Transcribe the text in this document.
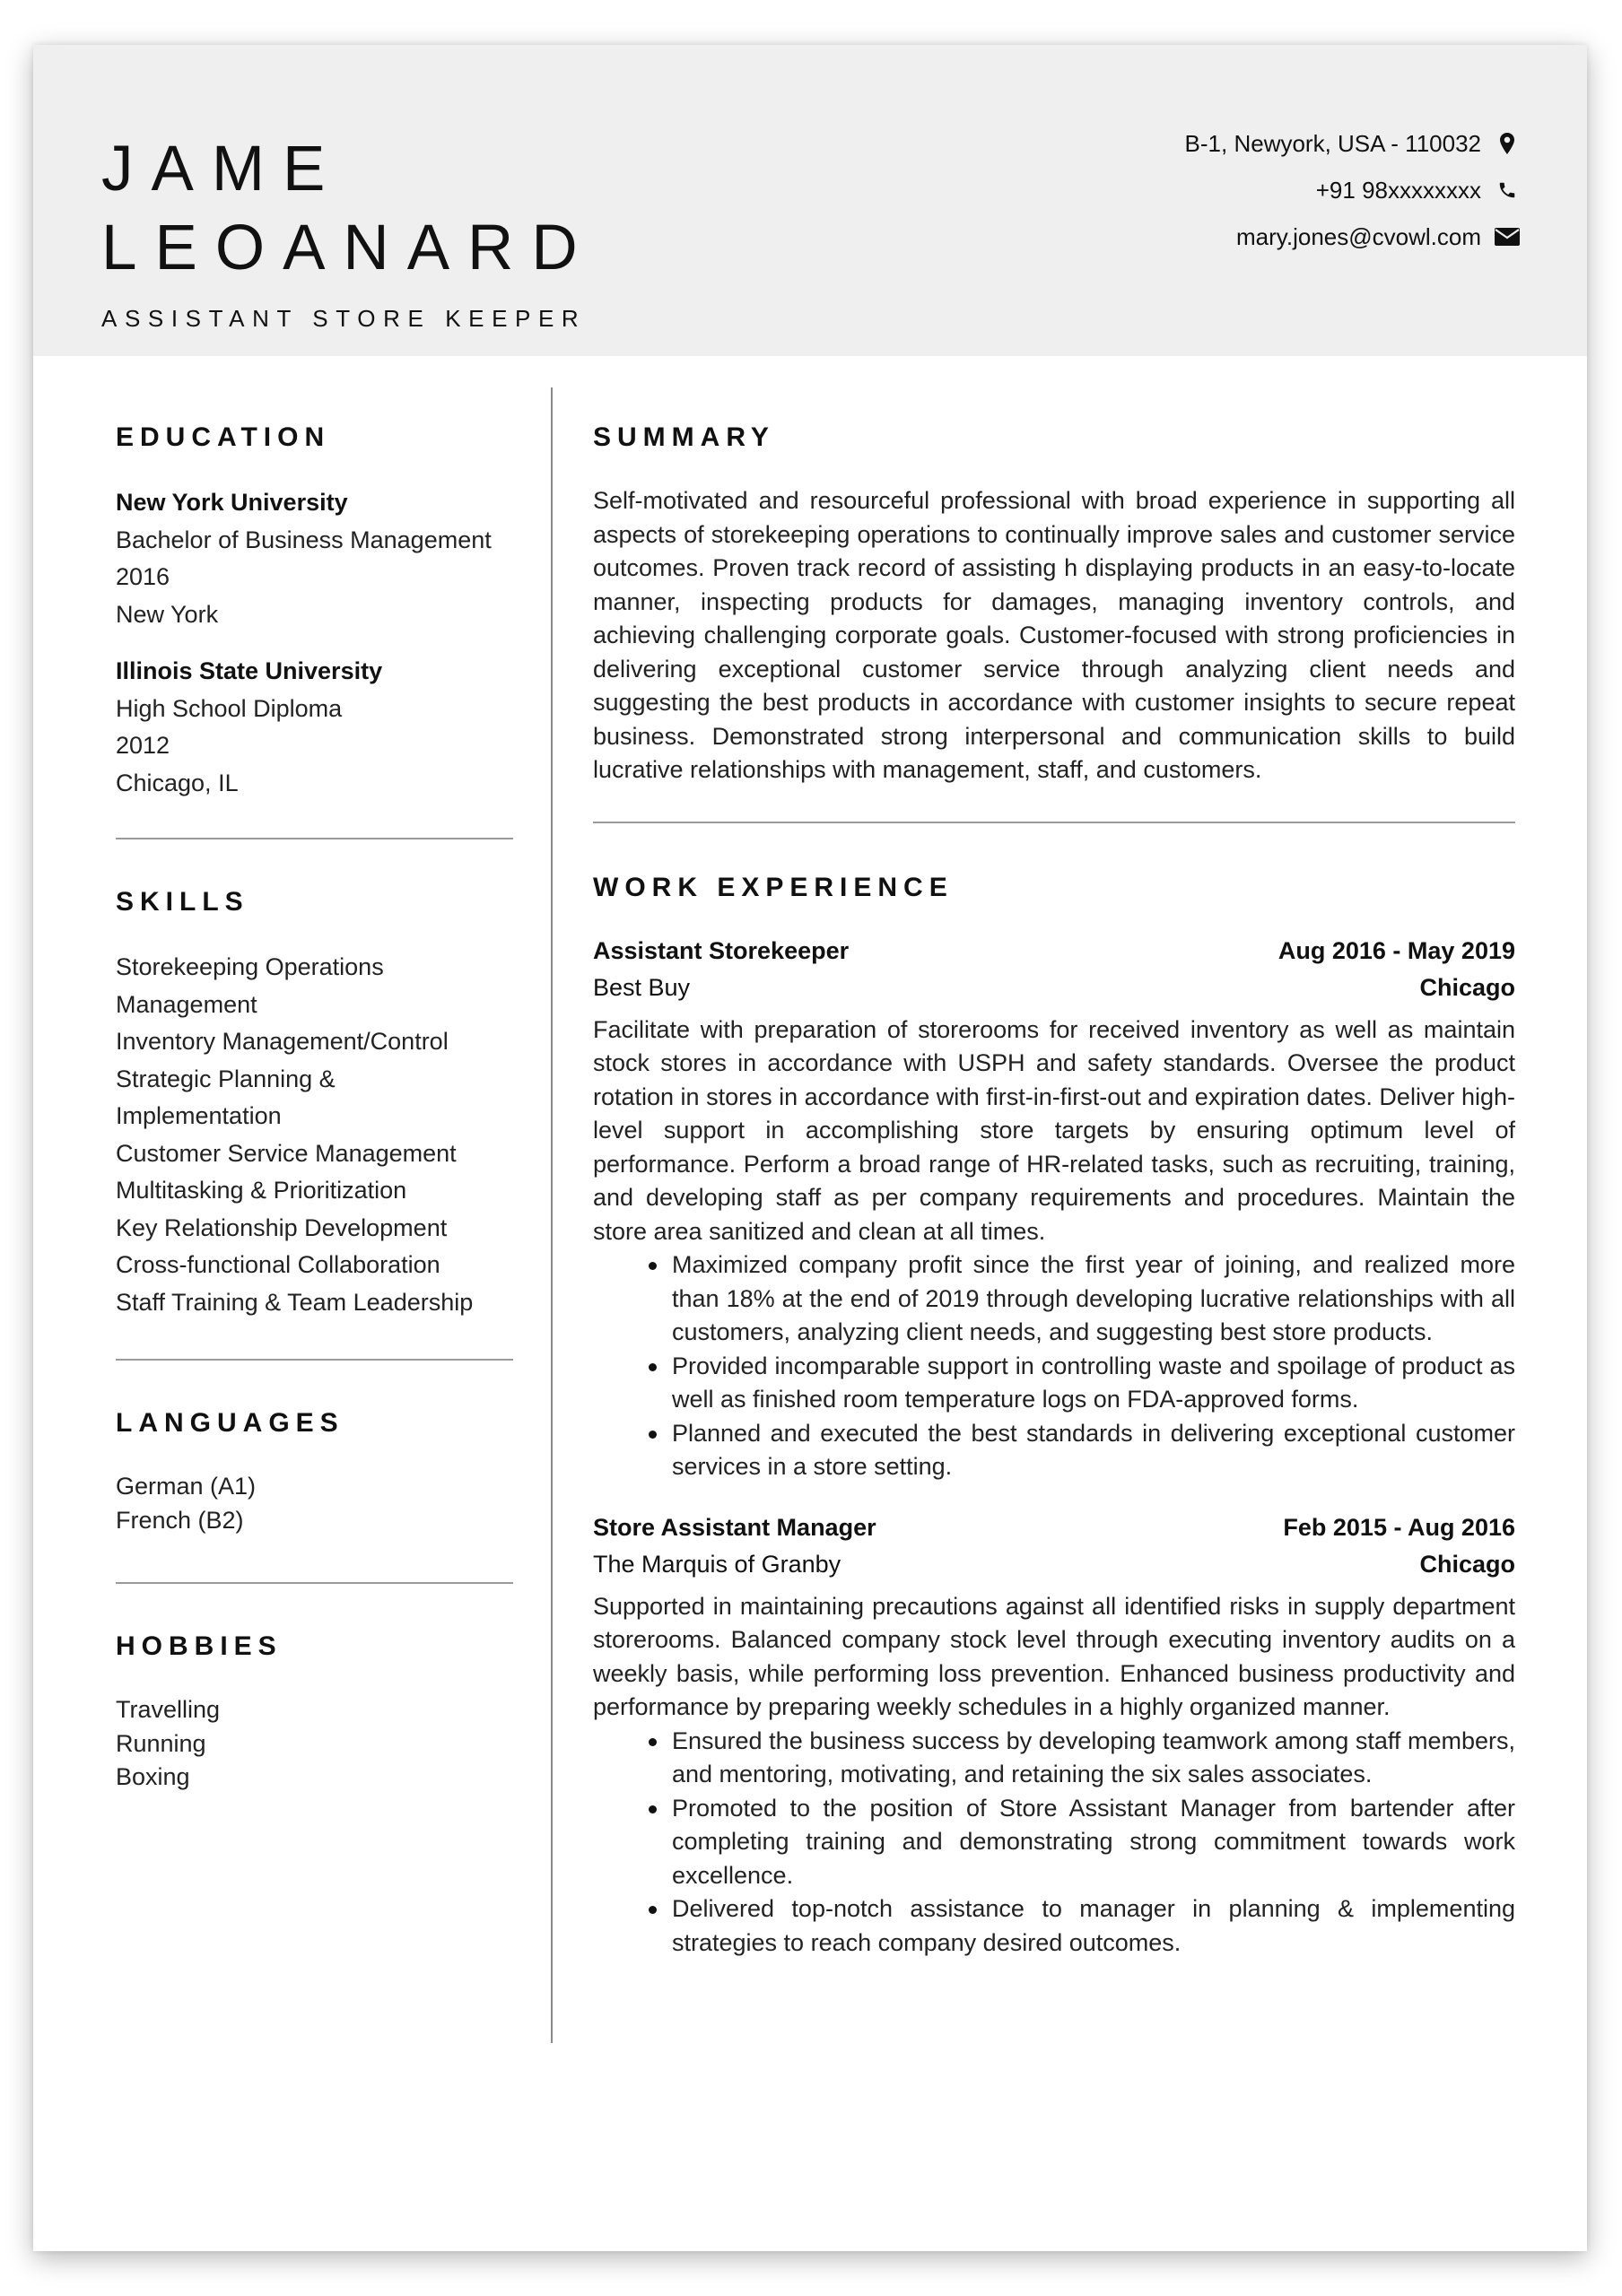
JAME
LEOANARD
ASSISTANT STORE KEEPER
B-1, Newyork, USA - 110032
+91 98xxxxxxxx
mary.jones@cvowl.com
EDUCATION
New York University
Bachelor of Business Management
2016
New York
Illinois State University
High School Diploma
2012
Chicago, IL
SKILLS
Storekeeping Operations Management
Inventory Management/Control
Strategic Planning & Implementation
Customer Service Management
Multitasking & Prioritization
Key Relationship Development
Cross-functional Collaboration
Staff Training & Team Leadership
LANGUAGES
German (A1)
French (B2)
HOBBIES
Travelling
Running
Boxing
SUMMARY

Self-motivated and resourceful professional with broad experience in supporting all aspects of storekeeping operations to continually improve sales and customer service outcomes. Proven track record of assisting h displaying products in an easy-to-locate manner, inspecting products for damages, managing inventory controls, and achieving challenging corporate goals. Customer-focused with strong proficiencies in delivering exceptional customer service through analyzing client needs and suggesting the best products in accordance with customer insights to secure repeat business. Demonstrated strong interpersonal and communication skills to build lucrative relationships with management, staff, and customers.

WORK EXPERIENCE
Assistant Storekeeper	Aug 2016 - May 2019
Best Buy	Chicago

Facilitate with preparation of storerooms for received inventory as well as maintain stock stores in accordance with USPH and safety standards. Oversee the product rotation in stores in accordance with first-in-first-out and expiration dates. Deliver high-level support in accomplishing store targets by ensuring optimum level of performance. Perform a broad range of HR-related tasks, such as recruiting, training, and developing staff as per company requirements and procedures. Maintain the store area sanitized and clean at all times.

Maximized company profit since the first year of joining, and realized more than 18% at the end of 2019 through developing lucrative relationships with all customers, analyzing client needs, and suggesting best store products.
Provided incomparable support in controlling waste and spoilage of product as well as finished room temperature logs on FDA-approved forms.
Planned and executed the best standards in delivering exceptional customer services in a store setting.
Store Assistant Manager	Feb 2015 - Aug 2016
The Marquis of Granby	Chicago

Supported in maintaining precautions against all identified risks in supply department storerooms. Balanced company stock level through executing inventory audits on a weekly basis, while performing loss prevention. Enhanced business productivity and performance by preparing weekly schedules in a highly organized manner.

Ensured the business success by developing teamwork among staff members, and mentoring, motivating, and retaining the six sales associates.
Promoted to the position of Store Assistant Manager from bartender after completing training and demonstrating strong commitment towards work excellence.
Delivered top-notch assistance to manager in planning & implementing strategies to reach company desired outcomes.
